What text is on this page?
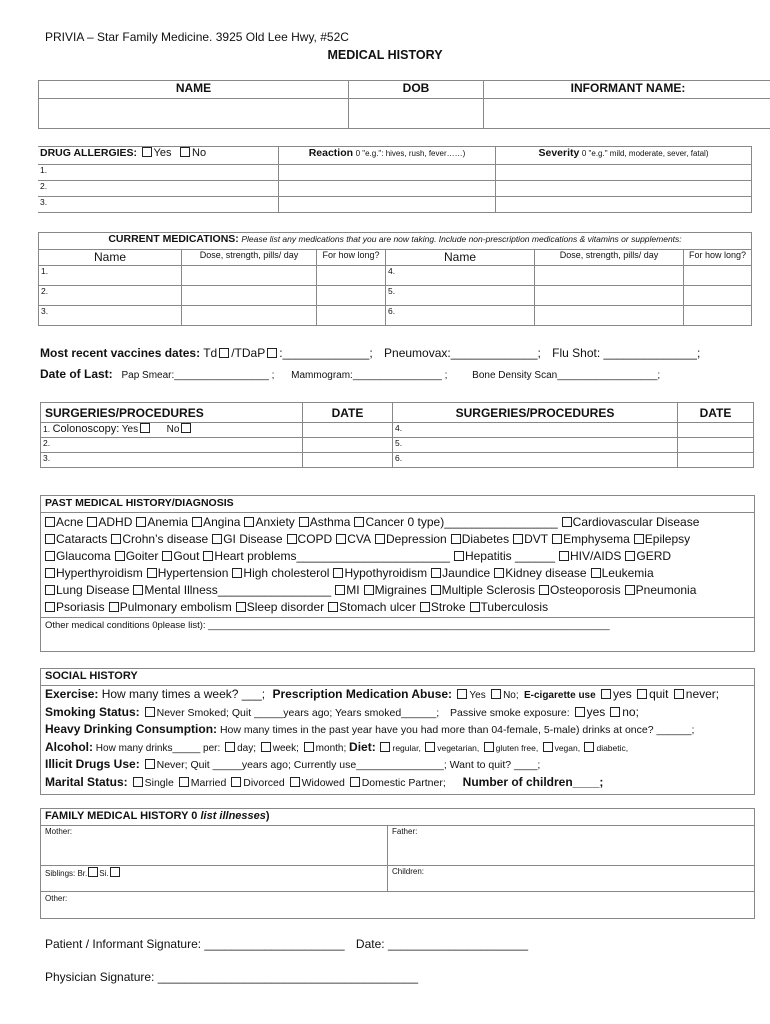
PRIVIA – Star Family Medicine. 3925 Old Lee Hwy, #52C
MEDICAL HISTORY
NAME	DOB	INFORMANT NAME:

DRUG ALLERGIES: Yes No	Reaction 0 "e.g.": hives, rush, fever……)	Severity 0 "e.g." mild, moderate, sever, fatal)
1.		
2.		
3.		
CURRENT MEDICATIONS: Please list any medications that you are now taking. Include non-prescription medications & vitamins or supplements:					
Name	Dose, strength, pills/ day	For how long?	Name	Dose, strength, pills/ day	For how long?
1.			4.		
2.			5.		
3.			6.		
Most recent vaccines dates: Td /TDaP :_____________; Pneumovax:_____________; Flu Shot: ______________;
Date of Last: Pap Smear:_________________ ; Mammogram:________________ ; Bone Density Scan__________________;
SURGERIES/PROCEDURES	DATE	SURGERIES/PROCEDURES	DATE
1. Colonoscopy: Yes No		4.	
2.		5.	
3.		6.	
PAST MEDICAL HISTORY/DIAGNOSIS
Acne ADHD Anemia Angina Anxiety Asthma Cancer 0 type)_________________ Cardiovascular Disease
Cataracts Crohn’s disease GI Disease COPD CVA Depression Diabetes DVT Emphysema Epilepsy
Glaucoma Goiter Gout Heart problems_______________________ Hepatitis ______ HIV/AIDS GERD
Hyperthyroidism Hypertension High cholesterol Hypothyroidism Jaundice Kidney disease Leukemia
Lung Disease Mental Illness_________________ MI Migraines Multiple Sclerosis Osteoporosis Pneumonia
Psoriasis Pulmonary embolism Sleep disorder Stomach ulcer Stroke Tuberculosis
Other medical conditions 0please list): ____________________________________________________________________________
SOCIAL HISTORY
Exercise: How many times a week? ___; Prescription Medication Abuse: Yes No; E-cigarette use yes quit never;
Smoking Status: Never Smoked; Quit _____years ago; Years smoked______; Passive smoke exposure: yes no;
Heavy Drinking Consumption: How many times in the past year have you had more than 04-female, 5-male) drinks at once? ______;
Alcohol: How many drinks_____ per: day; week; month; Diet: regular, vegetarian, gluten free, vegan, diabetic,
Illicit Drugs Use: Never; Quit _____years ago; Currently use_______________; Want to quit? ____;
Marital Status: Single Married Divorced Widowed Domestic Partner; Number of children____;
FAMILY MEDICAL HISTORY 0 list illnesses)
Mother:	Father:
Siblings: Br. Si.	Children:
Other:
Patient / Informant Signature: _____________________ Date: _____________________
Physician Signature: _______________________________________
